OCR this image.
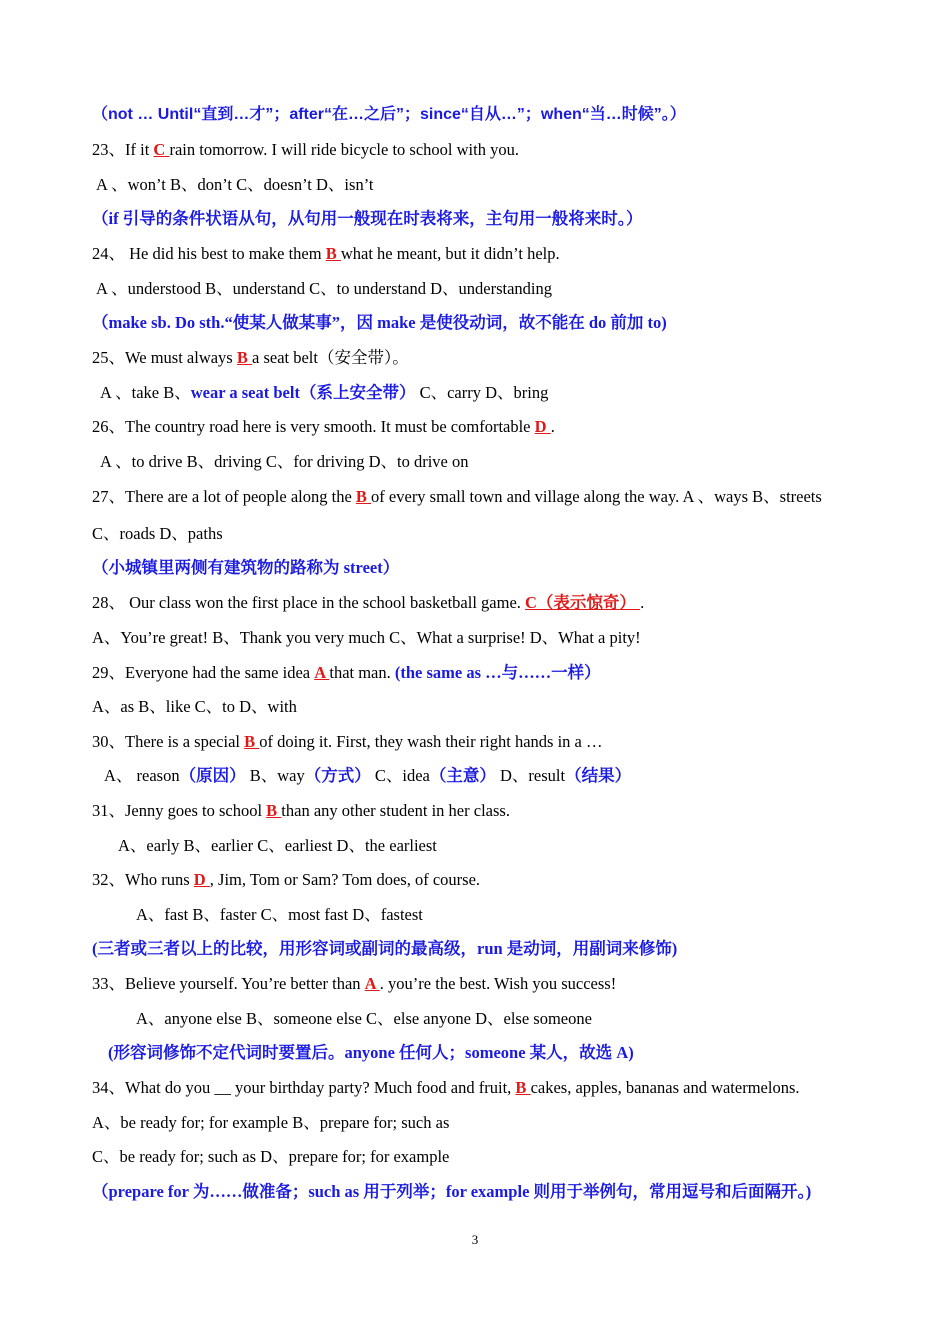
（not … Until“直到…才”；after“在…之后”；since“自从…”；when“当…时候”。）
23、If it C rain tomorrow. I will ride bicycle to school with you.
A 、won’t B、don’t C、doesn’t D、isn’t
（if 引导的条件状语从句，从句用一般现在时表将来，主句用一般将来时。）
24、 He did his best to make them B what he meant, but it didn’t help.
A 、understood B、understand C、to understand D、understanding
（make sb. Do sth.“使某人做某事”，因 make 是使役动词，故不能在 do 前加 to)
25、We must always B a seat belt（安全带）。
A 、take B、wear a seat belt（系上安全带） C、carry D、bring
26、The country road here is very smooth. It must be comfortable D .
A 、to drive B、driving C、for driving D、to drive on
27、There are a lot of people along the B of every small town and village along the way. A 、ways B、streets
C、roads D、paths
（小城镇里两侧有建筑物的路称为 street）
28、 Our class won the first place in the school basketball game. C（表示惊奇） .
A、You’re great! B、Thank you very much C、What a surprise! D、What a pity!
29、Everyone had the same idea A that man. (the same as …与……一样）
A、as B、like C、to D、with
30、There is a special B of doing it. First, they wash their right hands in a …
A、 reason（原因） B、way（方式） C、idea（主意） D、result（结果）
31、Jenny goes to school B than any other student in her class.
A、early B、earlier C、earliest D、the earliest
32、Who runs D , Jim, Tom or Sam? Tom does, of course.
A、fast B、faster C、most fast D、fastest
(三者或三者以上的比较，用形容词或副词的最高级，run 是动词，用副词来修饰)
33、Believe yourself. You’re better than A . you’re the best. Wish you success!
A、anyone else B、someone else C、else anyone D、else someone
(形容词修饰不定代词时要置后。anyone 任何人；someone 某人，故选 A)
34、What do you __ your birthday party? Much food and fruit, B cakes, apples, bananas and watermelons.
A、be ready for; for example B、prepare for; such as
C、be ready for; such as D、prepare for; for example
（prepare for 为……做准备；such as 用于列举；for example 则用于举例句，常用逗号和后面隔开。)
3
